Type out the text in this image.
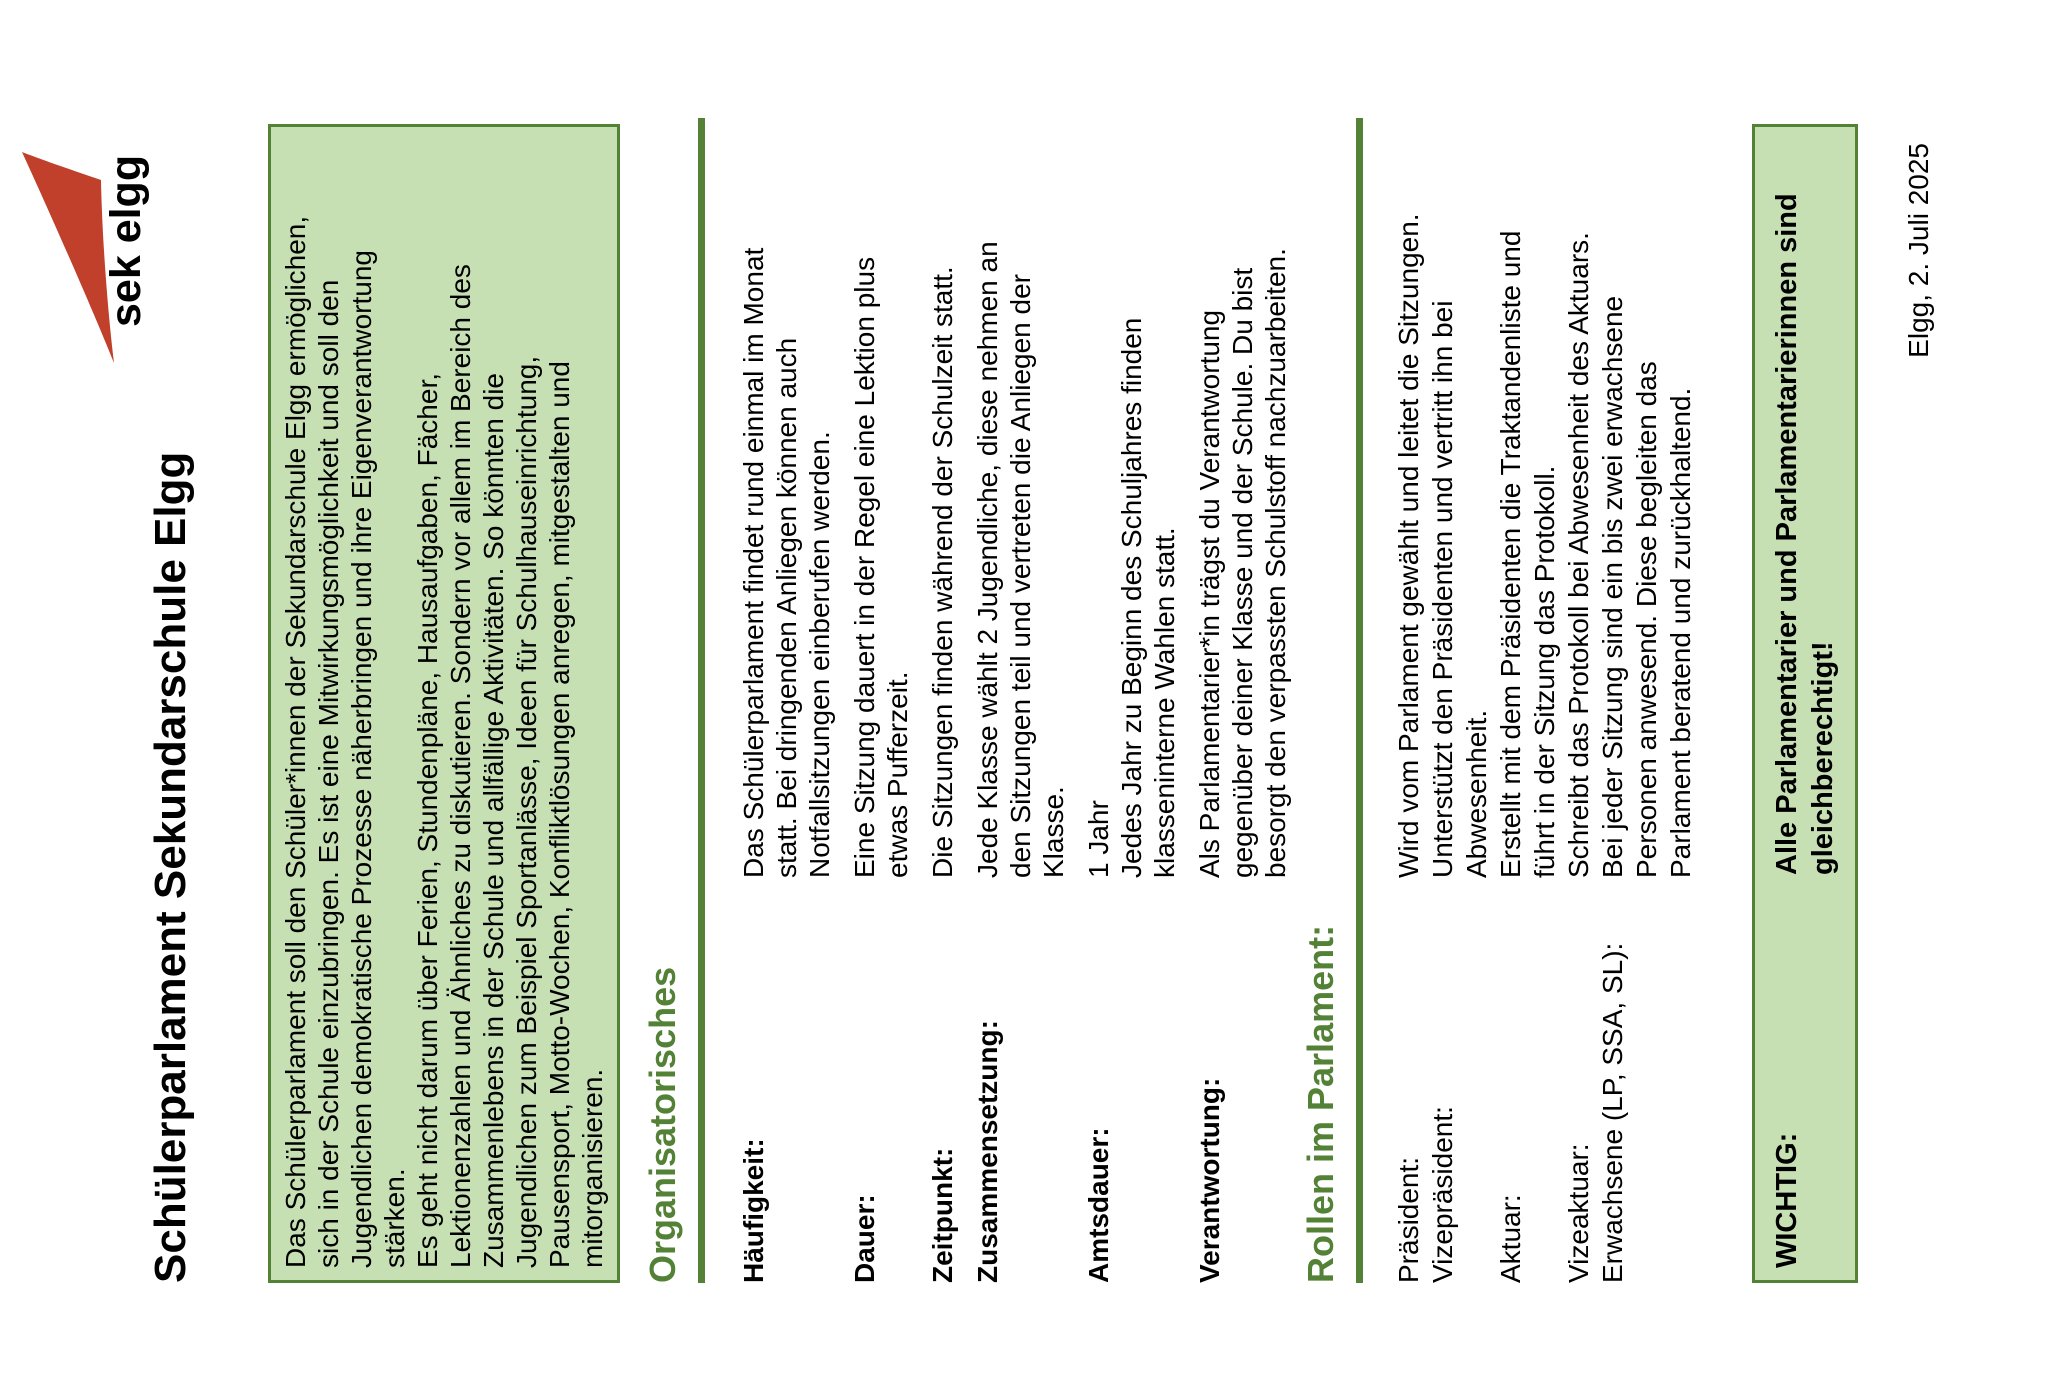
sek elgg
Schülerparlament Sekundarschule Elgg	Das Schülerparlament soll den Schüler*innen der Sekundarschule Elgg ermöglichen, sich in der Schule einzubringen. Es ist eine Mitwirkungsmöglichkeit und soll den Jugendlichen demokratische Prozesse näherbringen und ihre Eigenverantwortung stärken. Es geht nicht darum über Ferien, Stundenpläne, Hausaufgaben, Fächer, Lektionenzahlen und Ähnliches zu diskutieren. Sondern vor allem im Bereich des Zusammenlebens in der Schule und allfällige Aktivitäten. So könnten die Jugendlichen zum Beispiel Sportanlässe, Ideen für Schulhauseinrichtung, Pausensport, Motto-Wochen, Konfliktlösungen anregen, mitgestalten und mitorganisieren. Organisatorisches	Häufigkeit:
Das Schülerparlament findet rund einmal im Monat statt. Bei dringenden Anliegen können auch Notfallsitzungen einberufen werden.
Dauer:
Eine Sitzung dauert in der Regel eine Lektion plus etwas Pufferzeit.
Zeitpunkt:
Die Sitzungen finden während der Schulzeit statt.
Zusammensetzung:
Jede Klasse wählt 2 Jugendliche, diese nehmen an den Sitzungen teil und vertreten die Anliegen der Klasse.
Amtsdauer:
1 Jahr Jedes Jahr zu Beginn des Schuljahres finden klasseninterne Wahlen statt.
Verantwortung:
Als Parlamentarier*in trägst du Verantwortung gegenüber deiner Klasse und der Schule. Du bist besorgt den verpassten Schulstoff nachzuarbeiten.
Rollen im Parlament:	Präsident:
Wird vom Parlament gewählt und leitet die Sitzungen.
Vizepräsident:
Unterstützt den Präsidenten und vertritt ihn bei Abwesenheit.
Aktuar:
Erstellt mit dem Präsidenten die Traktandenliste und führt in der Sitzung das Protokoll.
Vizeaktuar:
Schreibt das Protokoll bei Abwesenheit des Aktuars.
Erwachsene (LP, SSA, SL):
Bei jeder Sitzung sind ein bis zwei erwachsene Personen anwesend. Diese begleiten das Parlament beratend und zurückhaltend.
WICHTIG:
Alle Parlamentarier und Parlamentarierinnen sind gleichberechtigt!
Elgg, 2. Juli 2025
